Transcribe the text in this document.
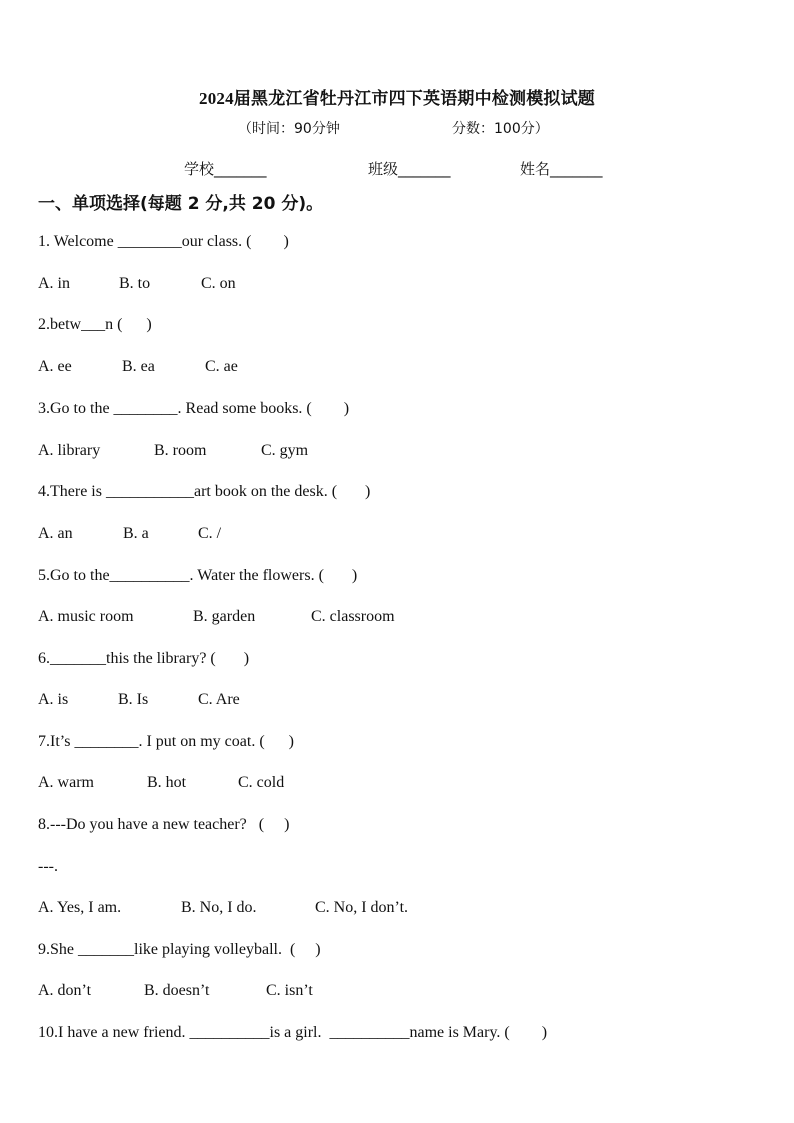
2024届黑龙江省牡丹江市四下英语期中检测模拟试题
（时间：90分钟	分数：100分）
学校_______	班级_______	姓名_______
一、单项选择(每题 2 分,共 20 分)。
1. Welcome ________our class. (        )

A. in

	B. to

	C. on

2.betw___n (      )

A. ee

	B. ea

	C. ae

3.Go to the ________. Read some books. (        )

A. library

	B. room

	C. gym

4.There is ___________art book on the desk. (       )

A. an

	B. a

	C. /

5.Go to the__________. Water the flowers. (       )

A. music room

	B. garden

	C. classroom

6._______this the library? (       )

A. is

	B. Is

	C. Are

7.It’s ________. I put on my coat. (      )

A. warm

	B. hot

	C. cold

8.---Do you have a new teacher?   (     )
---.

A. Yes, I am.

	B. No, I do.

	C. No, I don’t.

9.She _______like playing volleyball.  (     )

A. don’t

	B. doesn’t

	C. isn’t

10.I have a new friend. __________is a girl.  __________name is Mary. (        )
